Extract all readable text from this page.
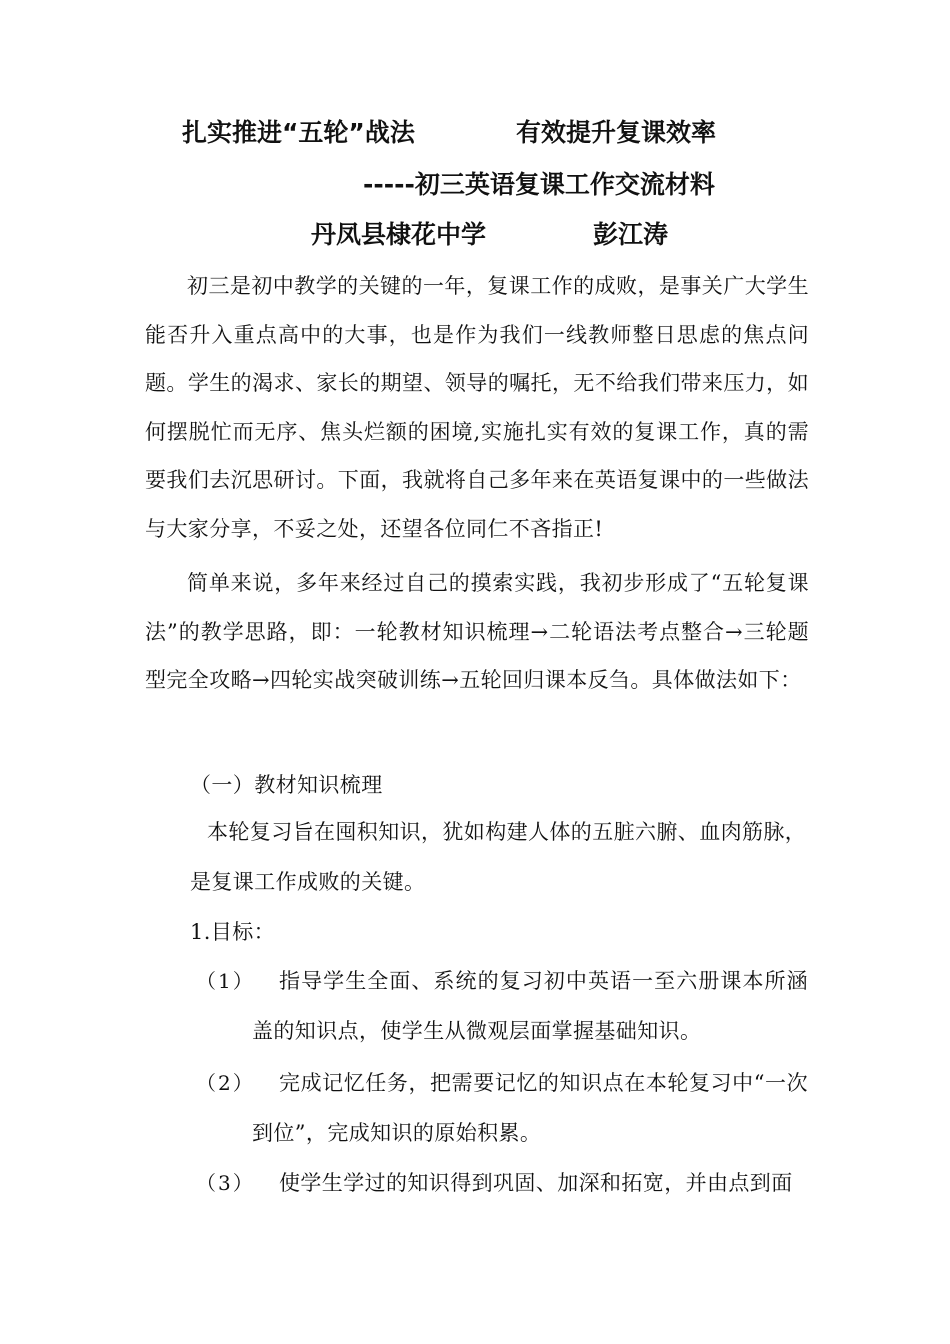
扎实推进“五轮”战法	有效提升复课效率
-----初三英语复课工作交流材料
丹凤县棣花中学	彭江涛

初三是初中教学的关键的一年，复课工作的成败，是事关广大学生能否升入重点高中的大事，也是作为我们一线教师整日思虑的焦点问题。学生的渴求、家长的期望、领导的嘱托，无不给我们带来压力，如何摆脱忙而无序、焦头烂额的困境,实施扎实有效的复课工作，真的需要我们去沉思研讨。下面，我就将自己多年来在英语复课中的一些做法与大家分享，不妥之处，还望各位同仁不吝指正!

简单来说，多年来经过自己的摸索实践，我初步形成了“五轮复课法”的教学思路，即：一轮教材知识梳理→二轮语法考点整合→三轮题型完全攻略→四轮实战突破训练→五轮回归课本反刍。具体做法如下：

（一）教材知识梳理
本轮复习旨在囤积知识，犹如构建人体的五脏六腑、血肉筋脉，
是复课工作成败的关键。
1.目标：
（1）	指导学生全面、系统的复习初中英语一至六册课本所涵盖的知识点，使学生从微观层面掌握基础知识。

（2）	完成记忆任务，把需要记忆的知识点在本轮复习中“一次到位”，完成知识的原始积累。

（3）	使学生学过的知识得到巩固、加深和拓宽，并由点到面
